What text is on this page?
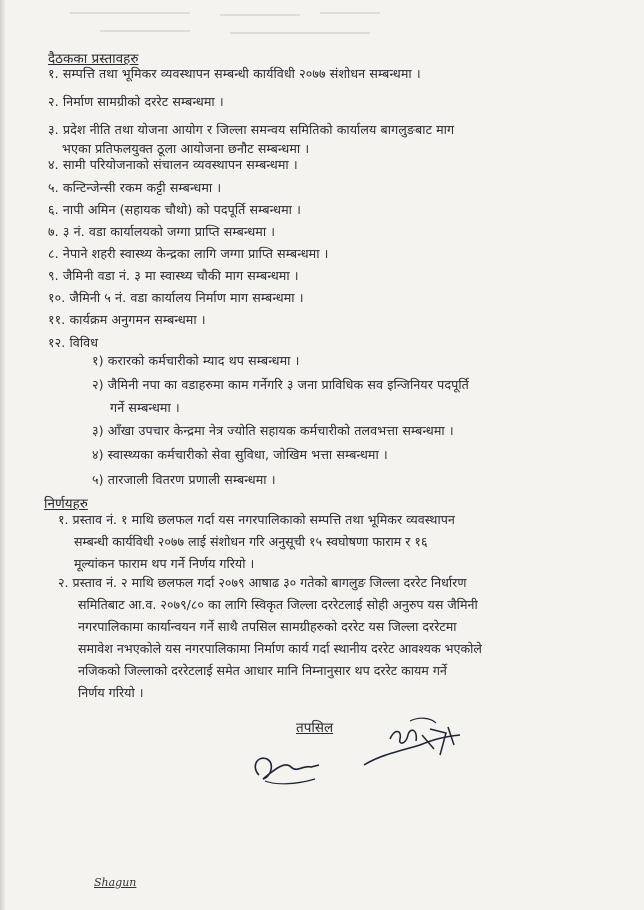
दैठकका प्रस्तावहरु
१. सम्पत्ति तथा भूमिकर व्यवस्थापन सम्बन्धी कार्यविधी २०७७ संशोधन सम्बन्धमा ।
२. निर्माण सामग्रीको दररेट सम्बन्धमा ।
३. प्रदेश नीति तथा योजना आयोग र जिल्ला समन्वय समितिको कार्यालय बागलुङबाट माग
भएका प्रतिफलयुक्त ठूला आयोजना छनौट सम्बन्धमा ।
४. सामी परियोजनाको संचालन व्यवस्थापन सम्बन्धमा ।
५. कन्टिन्जेन्सी रकम कट्टी सम्बन्धमा ।
६. नापी अमिन (सहायक चौथो) को पदपूर्ति सम्बन्धमा ।
७. ३ नं. वडा कार्यालयको जग्गा प्राप्ति सम्बन्धमा ।
८. नेपाने शहरी स्वास्थ्य केन्द्रका लागि जग्गा प्राप्ति सम्बन्धमा ।
९. जैमिनी वडा नं. ३ मा स्वास्थ्य चौकी माग सम्बन्धमा ।
१०. जैमिनी ५ नं. वडा कार्यालय निर्माण माग सम्बन्धमा ।
११. कार्यक्रम अनुगमन सम्बन्धमा ।
१२. विविध
१) करारको कर्मचारीको म्याद थप सम्बन्धमा ।
२) जैमिनी नपा का वडाहरुमा काम गर्नेगरि ३ जना प्राविधिक सव इन्जिनियर पदपूर्ति
गर्ने सम्बन्धमा ।
३) आँखा उपचार केन्द्रमा नेत्र ज्योति सहायक कर्मचारीको तलवभत्ता सम्बन्धमा ।
४) स्वास्थ्यका कर्मचारीको सेवा सुविधा, जोखिम भत्ता सम्बन्धमा ।
५) तारजाली वितरण प्रणाली सम्बन्धमा ।
निर्णयहरु
१. प्रस्ताव नं. १ माथि छलफल गर्दा यस नगरपालिकाको सम्पत्ति तथा भूमिकर व्यवस्थापन
सम्बन्धी कार्यविधी २०७७ लाई संशोधन गरि अनुसूची १५ स्वघोषणा फाराम र १६
मूल्यांकन फाराम थप गर्ने निर्णय गरियो ।
२. प्रस्ताव नं. २ माथि छलफल गर्दा २०७९ आषाढ ३० गतेको बागलुङ जिल्ला दररेट निर्धारण
समितिबाट आ.व. २०७९/८० का लागि स्विकृत जिल्ला दररेटलाई सोही अनुरुप यस जैमिनी
नगरपालिकामा कार्यान्वयन गर्ने साथै तपसिल सामग्रीहरुको दररेट यस जिल्ला दररेटमा
समावेश नभएकोले यस नगरपालिकामा निर्माण कार्य गर्दा स्थानीय दररेट आवश्यक भएकोले
नजिकको जिल्लाको दररेटलाई समेत आधार मानि निम्नानुसार थप दररेट कायम गर्ने
निर्णय गरियो ।
तपसिल
Shagun
